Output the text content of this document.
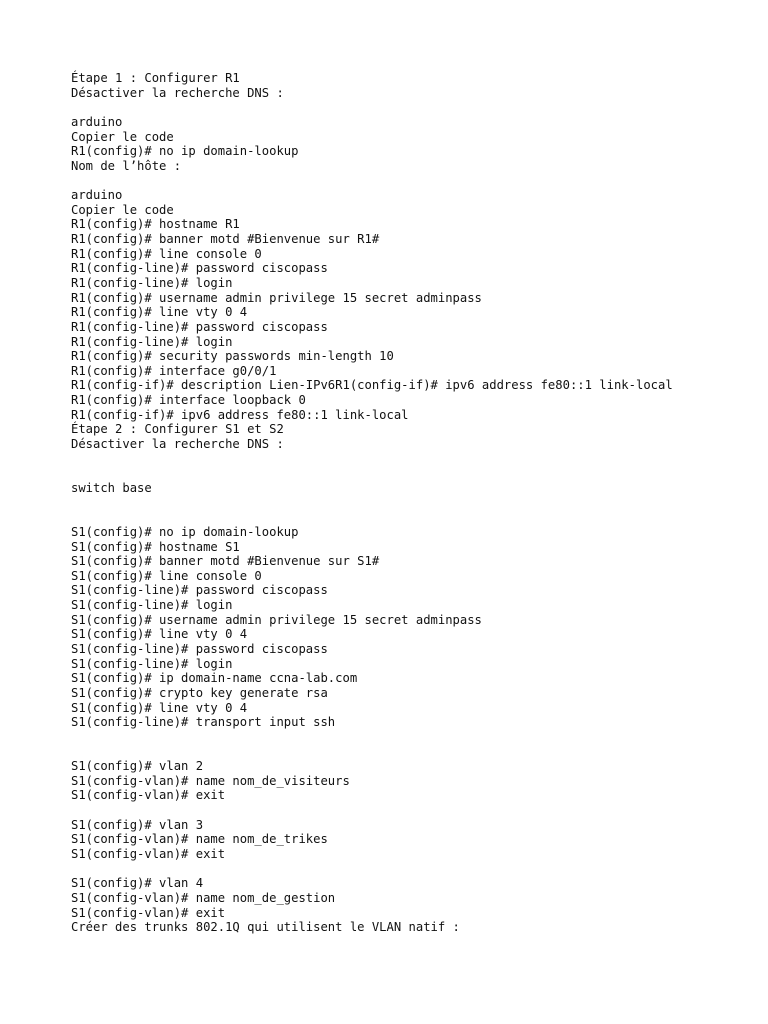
Étape 1 : Configurer R1
Désactiver la recherche DNS :
arduino
Copier le code
R1(config)# no ip domain-lookup
Nom de l’hôte :
arduino
Copier le code
R1(config)# hostname R1
R1(config)# banner motd #Bienvenue sur R1#
R1(config)# line console 0
R1(config-line)# password ciscopass
R1(config-line)# login
R1(config)# username admin privilege 15 secret adminpass
R1(config)# line vty 0 4
R1(config-line)# password ciscopass
R1(config-line)# login
R1(config)# security passwords min-length 10
R1(config)# interface g0/0/1
R1(config-if)# description Lien-IPv6R1(config-if)# ipv6 address fe80::1 link-local
R1(config)# interface loopback 0
R1(config-if)# ipv6 address fe80::1 link-local
Étape 2 : Configurer S1 et S2
Désactiver la recherche DNS :
switch base
S1(config)# no ip domain-lookup
S1(config)# hostname S1
S1(config)# banner motd #Bienvenue sur S1#
S1(config)# line console 0
S1(config-line)# password ciscopass
S1(config-line)# login
S1(config)# username admin privilege 15 secret adminpass
S1(config)# line vty 0 4
S1(config-line)# password ciscopass
S1(config-line)# login
S1(config)# ip domain-name ccna-lab.com
S1(config)# crypto key generate rsa
S1(config)# line vty 0 4
S1(config-line)# transport input ssh
S1(config)# vlan 2
S1(config-vlan)# name nom_de_visiteurs
S1(config-vlan)# exit
S1(config)# vlan 3
S1(config-vlan)# name nom_de_trikes
S1(config-vlan)# exit
S1(config)# vlan 4
S1(config-vlan)# name nom_de_gestion
S1(config-vlan)# exit
Créer des trunks 802.1Q qui utilisent le VLAN natif :
